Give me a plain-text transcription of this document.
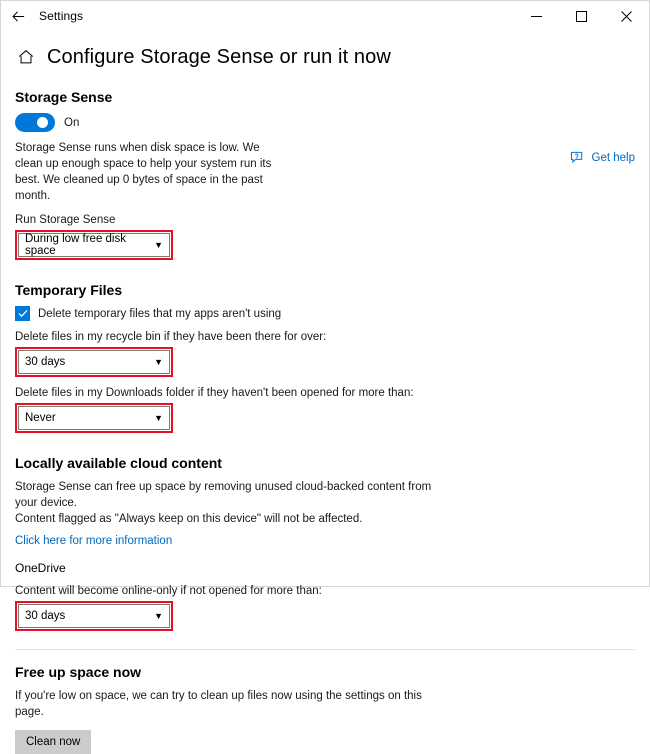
Settings
Configure Storage Sense or run it now
Get help
Storage Sense
On
Storage Sense runs when disk space is low. We clean up enough space to help your system run its best. We cleaned up 0 bytes of space in the past month.
Run Storage Sense
During low free disk space
▼
Temporary Files
Delete temporary files that my apps aren't using
Delete files in my recycle bin if they have been there for over:
30 days	▼
Delete files in my Downloads folder if they haven't been opened for more than:
Never	▼
Locally available cloud content
Storage Sense can free up space by removing unused cloud-backed content from your device.
Content flagged as "Always keep on this device" will not be affected.
Click here for more information
OneDrive
Content will become online-only if not opened for more than:
30 days	▼
Free up space now
If you're low on space, we can try to clean up files now using the settings on this page.
Clean now
